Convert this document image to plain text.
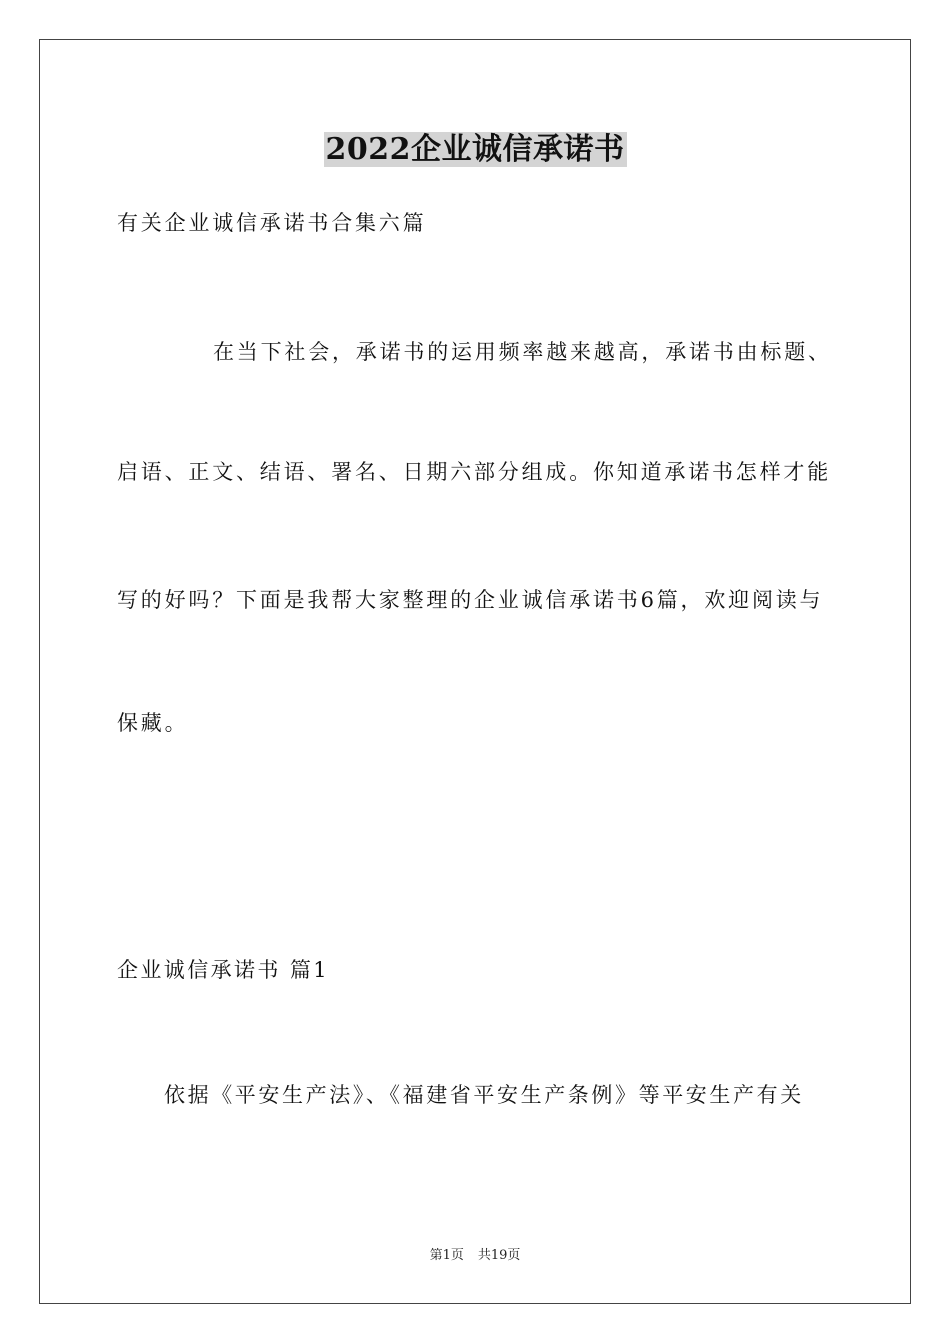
2022企业诚信承诺书
有关企业诚信承诺书合集六篇
在当下社会，承诺书的运用频率越来越高，承诺书由标题、
启语、正文、结语、署名、日期六部分组成。你知道承诺书怎样才能
写的好吗？下面是我帮大家整理的企业诚信承诺书6篇，欢迎阅读与
保藏。
企业诚信承诺书 篇1
依据《平安生产法》、《福建省平安生产条例》等平安生产有关
第1页 共19页
